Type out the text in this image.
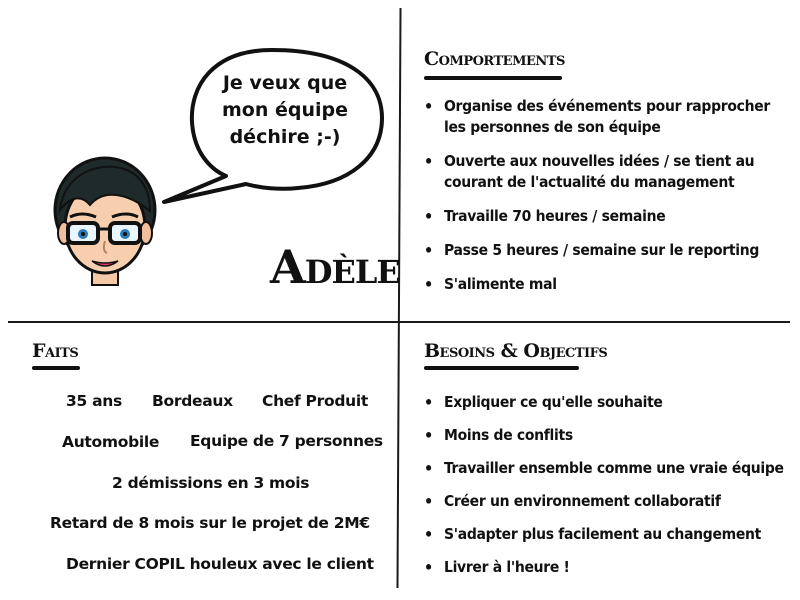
Je veux que mon équipe déchire ;-)
Adèle
Comportements
• Organise des événements pour rapprocher les personnes de son équipe
• Ouverte aux nouvelles idées / se tient au courant de l'actualité du management
• Travaille 70 heures / semaine
• Passe 5 heures / semaine sur le reporting
• S'alimente mal
Faits
35 ans Bordeaux Chef Produit
Automobile Equipe de 7 personnes
2 démissions en 3 mois
Retard de 8 mois sur le projet de 2M€
Dernier COPIL houleux avec le client
Besoins & Objectifs
• Expliquer ce qu'elle souhaite
• Moins de conflits
• Travailler ensemble comme une vraie équipe
• Créer un environnement collaboratif
• S'adapter plus facilement au changement
• Livrer à l'heure !
